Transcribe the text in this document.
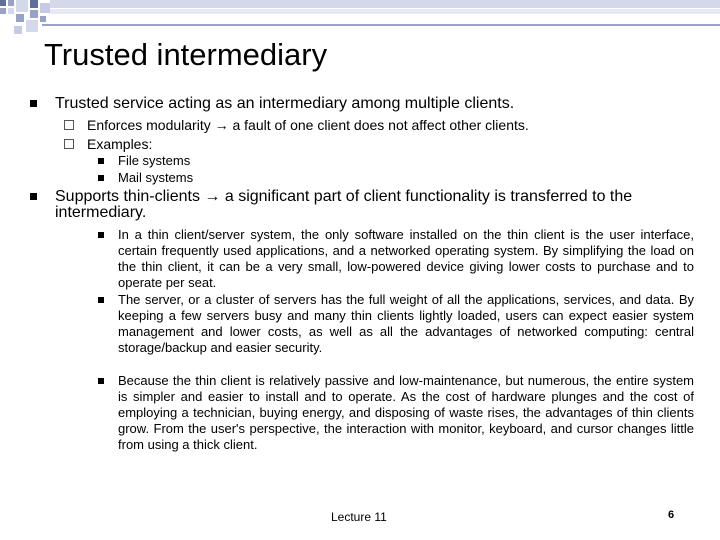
Trusted intermediary
Trusted service acting as an intermediary among multiple clients.
Enforces modularity → a fault of one client does not affect other clients.
Examples:
File systems
Mail systems
Supports thin-clients → a significant part of client functionality is transferred to the intermediary.
In a thin client/server system, the only software installed on the thin client is the user interface, certain frequently used applications, and a networked operating system. By simplifying the load on the thin client, it can be a very small, low-powered device giving lower costs to purchase and to operate per seat.
The server, or a cluster of servers has the full weight of all the applications, services, and data. By keeping a few servers busy and many thin clients lightly loaded, users can expect easier system management and lower costs, as well as all the advantages of networked computing: central storage/backup and easier security.
Because the thin client is relatively passive and low-maintenance, but numerous, the entire system is simpler and easier to install and to operate. As the cost of hardware plunges and the cost of employing a technician, buying energy, and disposing of waste rises, the advantages of thin clients grow. From the user's perspective, the interaction with monitor, keyboard, and cursor changes little from using a thick client.
Lecture 11	6
